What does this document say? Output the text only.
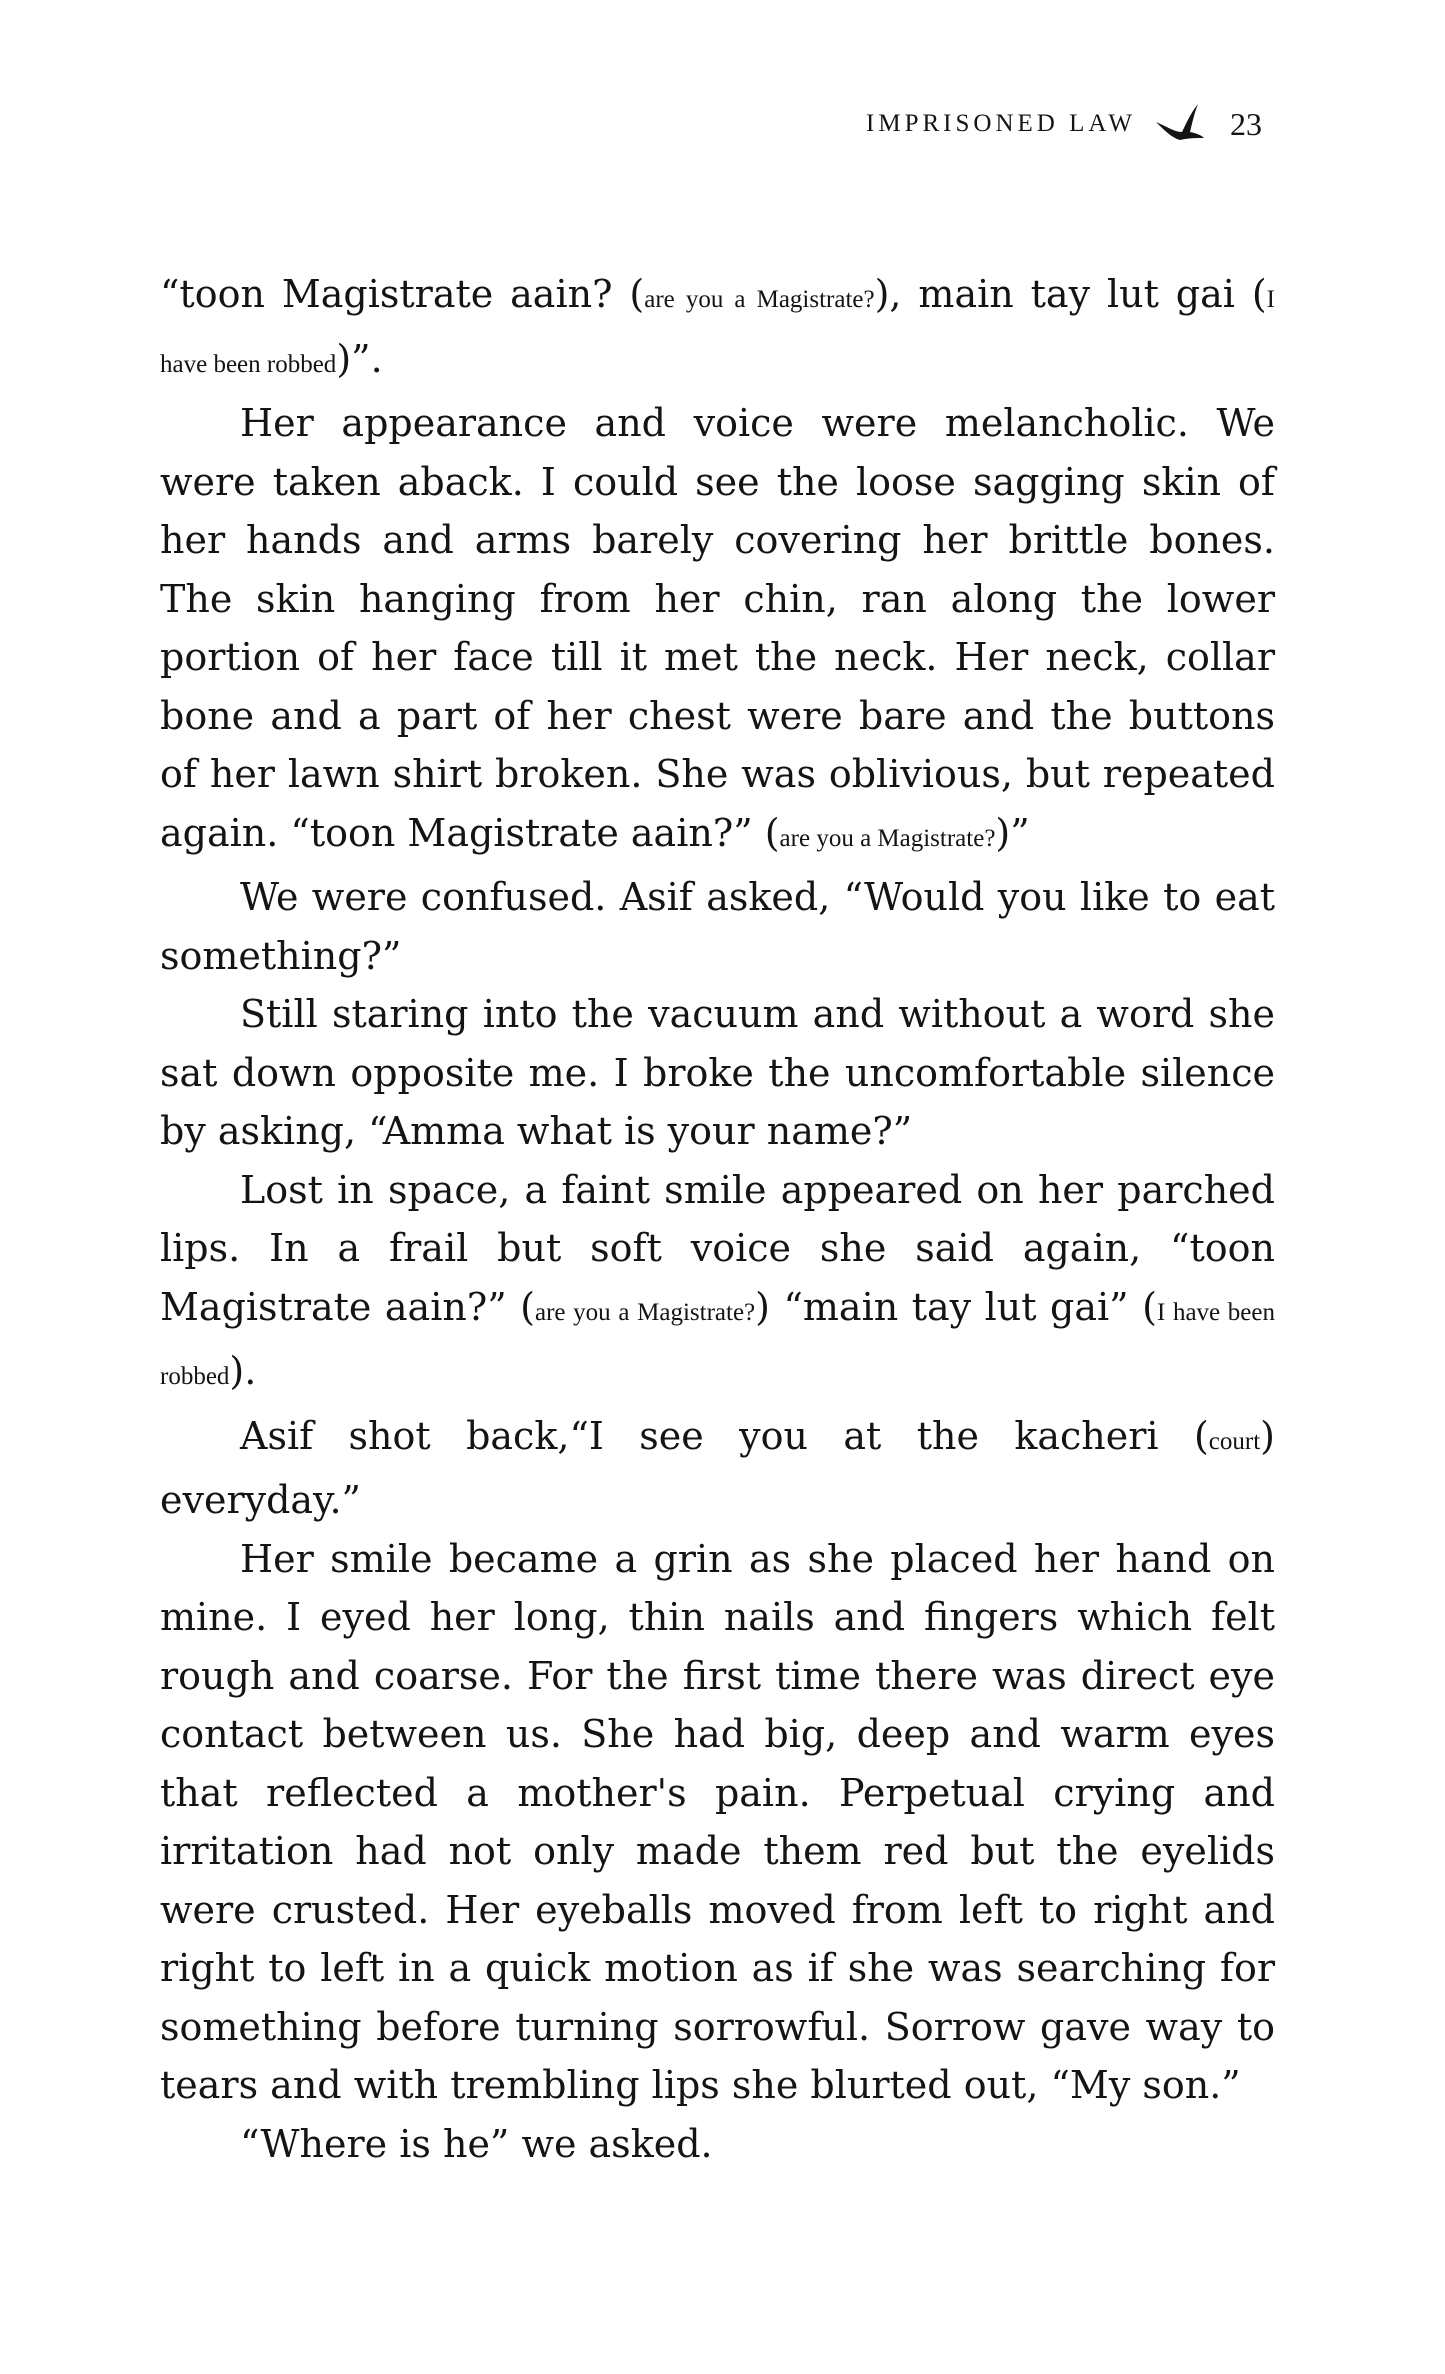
IMPRISONED LAW	23

“toon Magistrate aain? (are you a Magistrate?), main tay lut gai (I have been robbed)”.

Her appearance and voice were melancholic. We were taken aback. I could see the loose sagging skin of her hands and arms barely covering her brittle bones. The skin hanging from her chin, ran along the lower portion of her face till it met the neck. Her neck, collar bone and a part of her chest were bare and the buttons of her lawn shirt broken. She was oblivious, but repeated again. “toon Magistrate aain?” (are you a Magistrate?)”

We were confused. Asif asked, “Would you like to eat something?”

Still staring into the vacuum and without a word she sat down opposite me. I broke the uncomfortable silence by asking, “Amma what is your name?”

Lost in space, a faint smile appeared on her parched lips. In a frail but soft voice she said again, “toon Magistrate aain?” (are you a Magistrate?) “main tay lut gai” (I have been robbed).

Asif shot back,“I see you at the kacheri (court) everyday.”

Her smile became a grin as she placed her hand on mine. I eyed her long, thin nails and fingers which felt rough and coarse. For the first time there was direct eye contact between us. She had big, deep and warm eyes that reflected a mother's pain. Perpetual crying and irritation had not only made them red but the eyelids were crusted. Her eyeballs moved from left to right and right to left in a quick motion as if she was searching for something before turning sorrowful. Sorrow gave way to tears and with trembling lips she blurted out, “My son.”

“Where is he” we asked.
